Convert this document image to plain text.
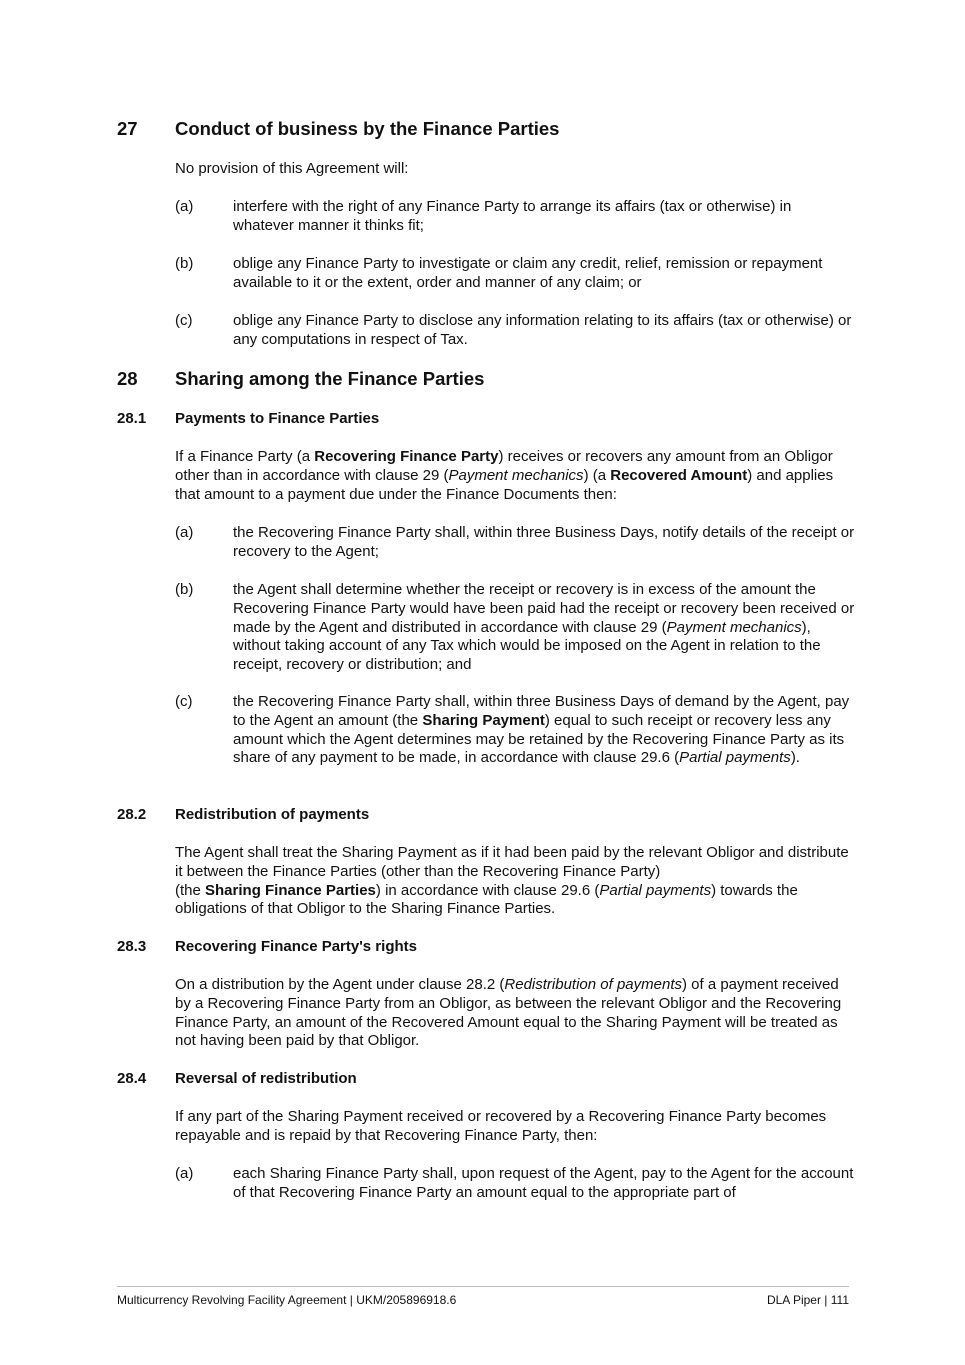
27 Conduct of business by the Finance Parties
No provision of this Agreement will:
(a)	interfere with the right of any Finance Party to arrange its affairs (tax or otherwise) in whatever manner it thinks fit;
(b)	oblige any Finance Party to investigate or claim any credit, relief, remission or repayment available to it or the extent, order and manner of any claim; or
(c)	oblige any Finance Party to disclose any information relating to its affairs (tax or otherwise) or any computations in respect of Tax.
28 Sharing among the Finance Parties
28.1 Payments to Finance Parties
If a Finance Party (a Recovering Finance Party) receives or recovers any amount from an Obligor other than in accordance with clause 29 (Payment mechanics) (a Recovered Amount) and applies that amount to a payment due under the Finance Documents then:
(a)	the Recovering Finance Party shall, within three Business Days, notify details of the receipt or recovery to the Agent;
(b)	the Agent shall determine whether the receipt or recovery is in excess of the amount the Recovering Finance Party would have been paid had the receipt or recovery been received or made by the Agent and distributed in accordance with clause 29 (Payment mechanics), without taking account of any Tax which would be imposed on the Agent in relation to the receipt, recovery or distribution; and
(c)	the Recovering Finance Party shall, within three Business Days of demand by the Agent, pay to the Agent an amount (the Sharing Payment) equal to such receipt or recovery less any amount which the Agent determines may be retained by the Recovering Finance Party as its share of any payment to be made, in accordance with clause 29.6 (Partial payments).
28.2 Redistribution of payments
The Agent shall treat the Sharing Payment as if it had been paid by the relevant Obligor and distribute it between the Finance Parties (other than the Recovering Finance Party)
(the Sharing Finance Parties) in accordance with clause 29.6 (Partial payments) towards the obligations of that Obligor to the Sharing Finance Parties.
28.3 Recovering Finance Party's rights
On a distribution by the Agent under clause 28.2 (Redistribution of payments) of a payment received by a Recovering Finance Party from an Obligor, as between the relevant Obligor and the Recovering Finance Party, an amount of the Recovered Amount equal to the Sharing Payment will be treated as not having been paid by that Obligor.
28.4 Reversal of redistribution
If any part of the Sharing Payment received or recovered by a Recovering Finance Party becomes repayable and is repaid by that Recovering Finance Party, then:
(a)	each Sharing Finance Party shall, upon request of the Agent, pay to the Agent for the account of that Recovering Finance Party an amount equal to the appropriate part of
Multicurrency Revolving Facility Agreement | UKM/205896918.6	DLA Piper | 111
